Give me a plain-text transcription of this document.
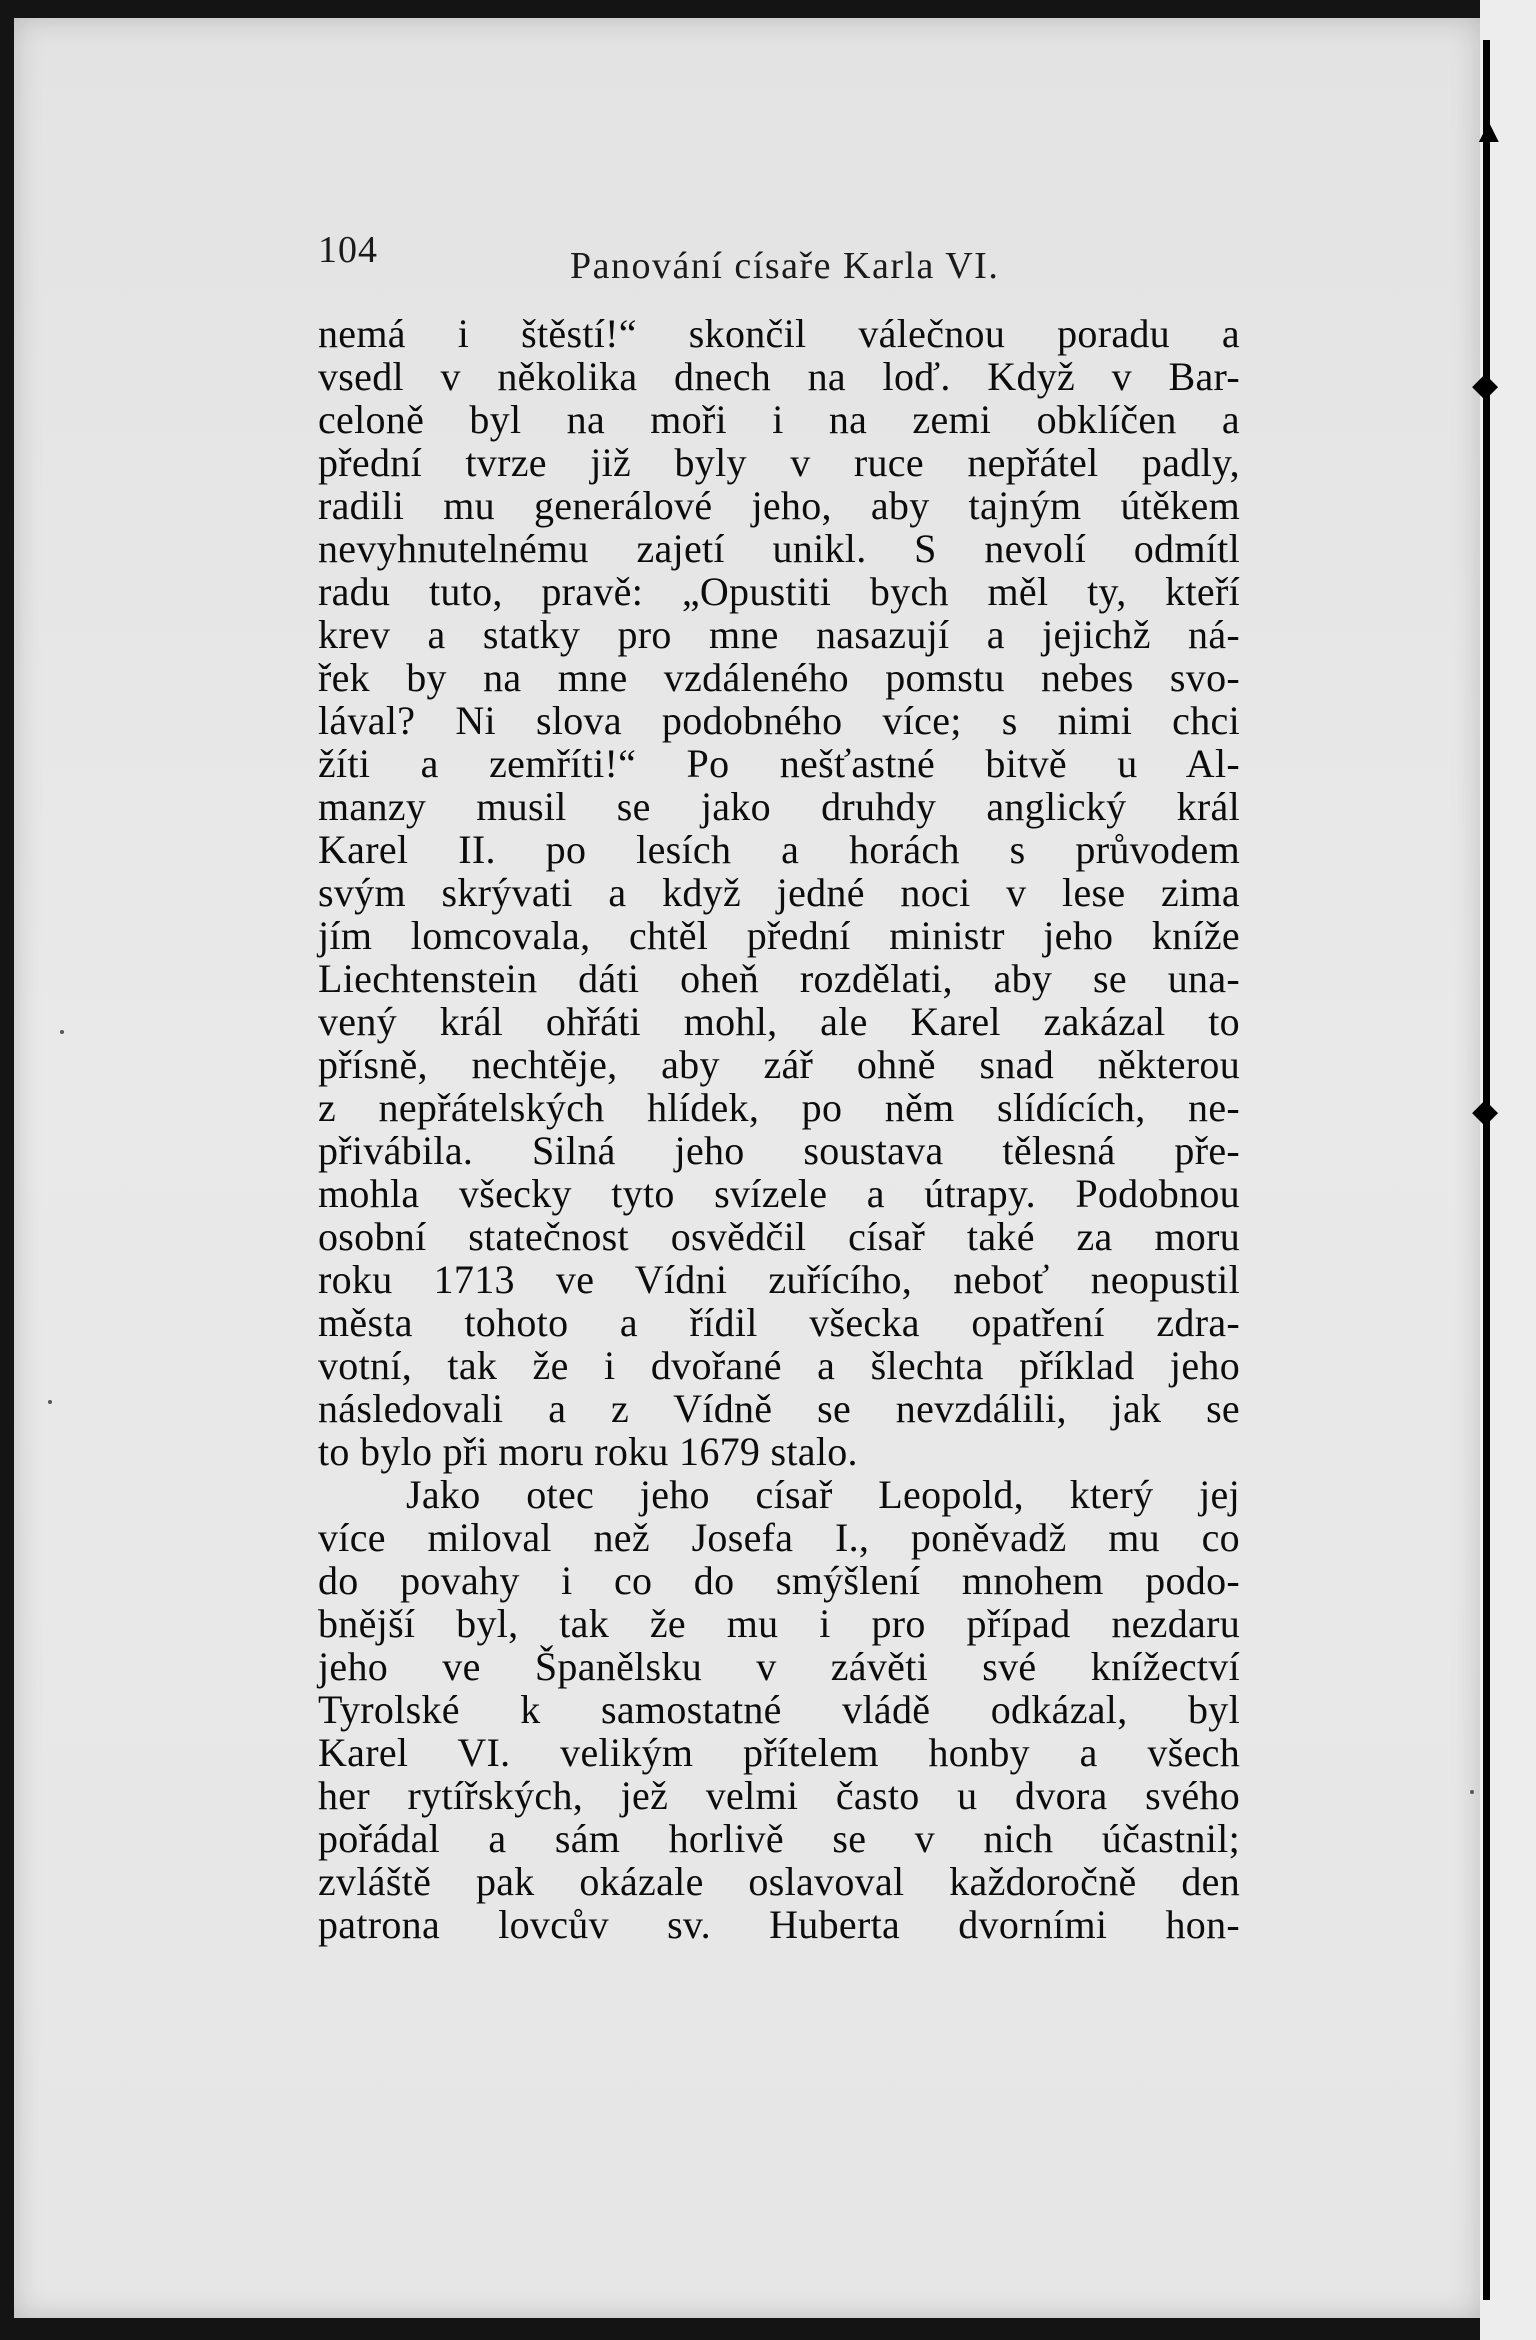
▲
◆
◆
104	Panování císaře Karla VI.
nemá i štěstí!“ skončil válečnou poradu a
vsedl v několika dnech na loď. Když v Bar-
celoně byl na moři i na zemi obklíčen a
přední tvrze již byly v ruce nepřátel padly,
radili mu generálové jeho, aby tajným útěkem
nevyhnutelnému zajetí unikl. S nevolí odmítl
radu tuto, pravě: „Opustiti bych měl ty, kteří
krev a statky pro mne nasazují a jejichž ná-
řek by na mne vzdáleného pomstu nebes svo-
lával? Ni slova podobného více; s nimi chci
žíti a zemříti!“ Po nešťastné bitvě u Al-
manzy musil se jako druhdy anglický král
Karel II. po lesích a horách s průvodem
svým skrývati a když jedné noci v lese zima
jím lomcovala, chtěl přední ministr jeho kníže
Liechtenstein dáti oheň rozdělati, aby se una-
vený král ohřáti mohl, ale Karel zakázal to
přísně, nechtěje, aby zář ohně snad některou
z nepřátelských hlídek, po něm slídících, ne-
přivábila. Silná jeho soustava tělesná pře-
mohla všecky tyto svízele a útrapy. Podobnou
osobní statečnost osvědčil císař také za moru
roku 1713 ve Vídni zuřícího, neboť neopustil
města tohoto a řídil všecka opatření zdra-
votní, tak že i dvořané a šlechta příklad jeho
následovali a z Vídně se nevzdálili, jak se
to bylo při moru roku 1679 stalo.
Jako otec jeho císař Leopold, který jej
více miloval než Josefa I., poněvadž mu co
do povahy i co do smýšlení mnohem podo-
bnější byl, tak že mu i pro případ nezdaru
jeho ve Španělsku v závěti své knížectví
Tyrolské k samostatné vládě odkázal, byl
Karel VI. velikým přítelem honby a všech
her rytířských, jež velmi často u dvora svého
pořádal a sám horlivě se v nich účastnil;
zvláště pak okázale oslavoval každoročně den
patrona lovcův sv. Huberta dvorními hon-
